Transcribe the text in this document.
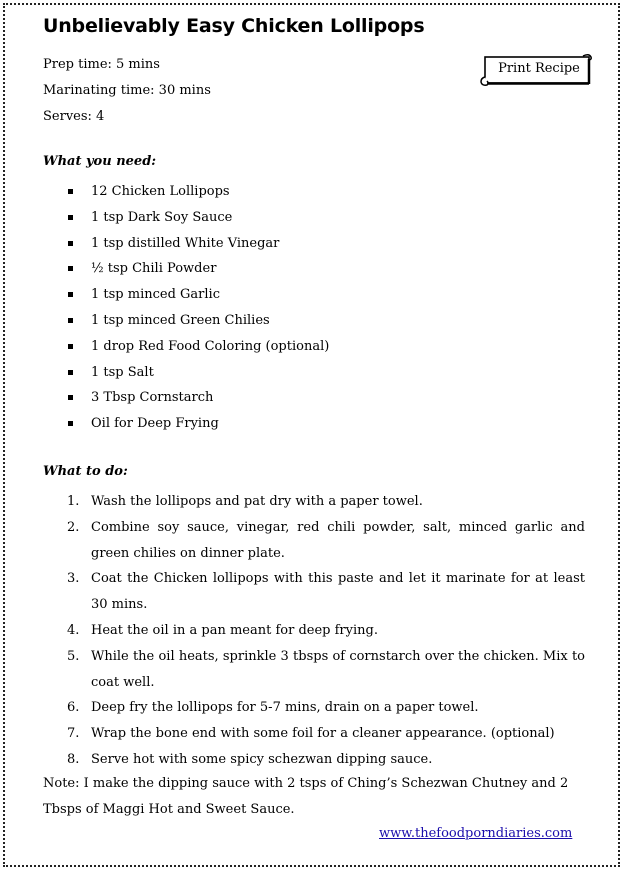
Unbelievably Easy Chicken Lollipops
Prep time: 5 mins
Marinating time: 30 mins
Serves: 4
Print Recipe

What you need:

12 Chicken Lollipops
1 tsp Dark Soy Sauce
1 tsp distilled White Vinegar
½ tsp Chili Powder
1 tsp minced Garlic
1 tsp minced Green Chilies
1 drop Red Food Coloring (optional)
1 tsp Salt
3 Tbsp Cornstarch
Oil for Deep Frying

What to do:

1. Wash the lollipops and pat dry with a paper towel.
2. Combine soy sauce, vinegar, red chili powder, salt, minced garlic and green chilies on dinner plate.
3. Coat the Chicken lollipops with this paste and let it marinate for at least 30 mins.
4. Heat the oil in a pan meant for deep frying.
5. While the oil heats, sprinkle 3 tbsps of cornstarch over the chicken. Mix to coat well.
6. Deep fry the lollipops for 5-7 mins, drain on a paper towel.
7. Wrap the bone end with some foil for a cleaner appearance. (optional)
8. Serve hot with some spicy schezwan dipping sauce.

Note: I make the dipping sauce with 2 tsps of Ching’s Schezwan Chutney and 2 Tbsps of Maggi Hot and Sweet Sauce.

www.thefoodporndiaries.com
